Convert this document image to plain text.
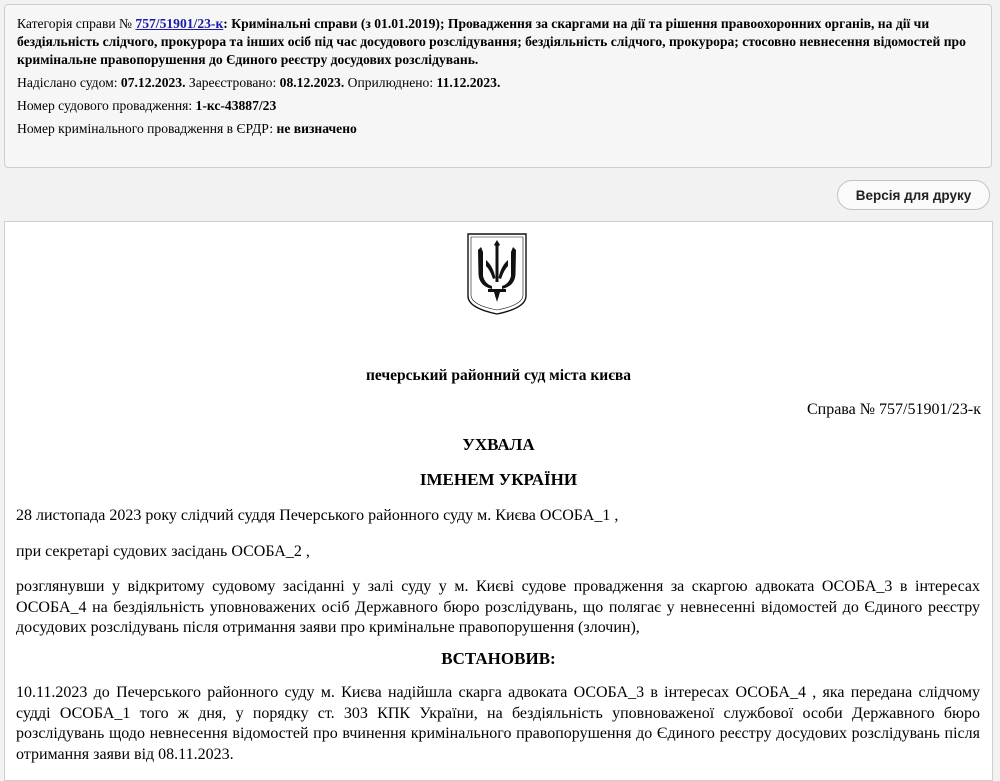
Категорія справи № 757/51901/23-к: Кримінальні справи (з 01.01.2019); Провадження за скаргами на дії та рішення правоохоронних органів, на дії чи бездіяльність слідчого, прокурора та інших осіб під час досудового розслідування; бездіяльність слідчого, прокурора; стосовно невнесення відомостей про кримінальне правопорушення до Єдиного реєстру досудових розслідувань.

Надіслано судом: 07.12.2023. Зареєстровано: 08.12.2023. Оприлюднено: 11.12.2023.

Номер судового провадження: 1-кс-43887/23

Номер кримінального провадження в ЄРДР: не визначено

Версія для друку
печерський районний суд міста києва
Справа № 757/51901/23-к
УХВАЛА
ІМЕНЕМ УКРАЇНИ

28 листопада 2023 року слідчий суддя Печерського районного суду м. Києва ОСОБА_1 ,

при секретарі судових засідань ОСОБА_2 ,

розглянувши у відкритому судовому засіданні у залі суду у м. Києві судове провадження за скаргою адвоката ОСОБА_3 в інтересах ОСОБА_4 на бездіяльність уповноважених осіб Державного бюро розслідувань, що полягає у невнесенні відомостей до Єдиного реєстру досудових розслідувань після отримання заяви про кримінальне правопорушення (злочин),

ВСТАНОВИВ:

10.11.2023 до Печерського районного суду м. Києва надійшла скарга адвоката ОСОБА_3 в інтересах ОСОБА_4 , яка передана слідчому судді ОСОБА_1 того ж дня, у порядку ст. 303 КПК України, на бездіяльність уповноваженої службової особи Державного бюро розслідувань щодо невнесення відомостей про вчинення кримінального правопорушення до Єдиного реєстру досудових розслідувань після отримання заяви від 08.11.2023.
